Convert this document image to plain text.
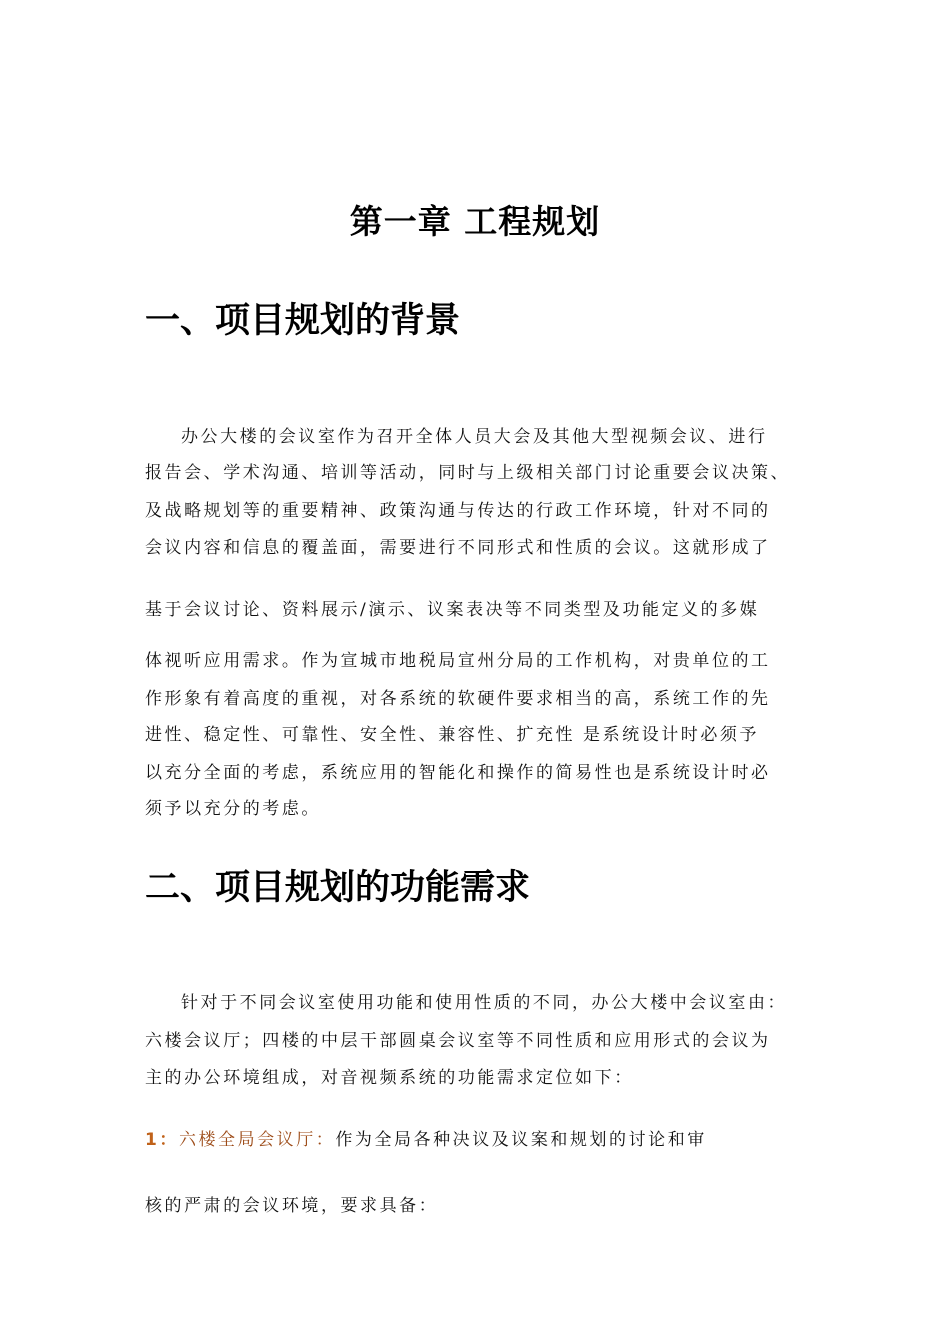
第一章 工程规划
一、项目规划的背景
办公大楼的会议室作为召开全体人员大会及其他大型视频会议、进行
报告会、学术沟通、培训等活动，同时与上级相关部门讨论重要会议决策、
及战略规划等的重要精神、政策沟通与传达的行政工作环境，针对不同的
会议内容和信息的覆盖面，需要进行不同形式和性质的会议。这就形成了
基于会议讨论、资料展示/演示、议案表决等不同类型及功能定义的多媒
体视听应用需求。作为宣城市地税局宣州分局的工作机构，对贵单位的工
作形象有着高度的重视，对各系统的软硬件要求相当的高，系统工作的先
进性、稳定性、可靠性、安全性、兼容性、扩充性 是系统设计时必须予
以充分全面的考虑，系统应用的智能化和操作的简易性也是系统设计时必
须予以充分的考虑。
二、项目规划的功能需求
针对于不同会议室使用功能和使用性质的不同，办公大楼中会议室由：
六楼会议厅；四楼的中层干部圆桌会议室等不同性质和应用形式的会议为
主的办公环境组成，对音视频系统的功能需求定位如下：
1：六楼全局会议厅：作为全局各种决议及议案和规划的讨论和审
核的严肃的会议环境，要求具备：
